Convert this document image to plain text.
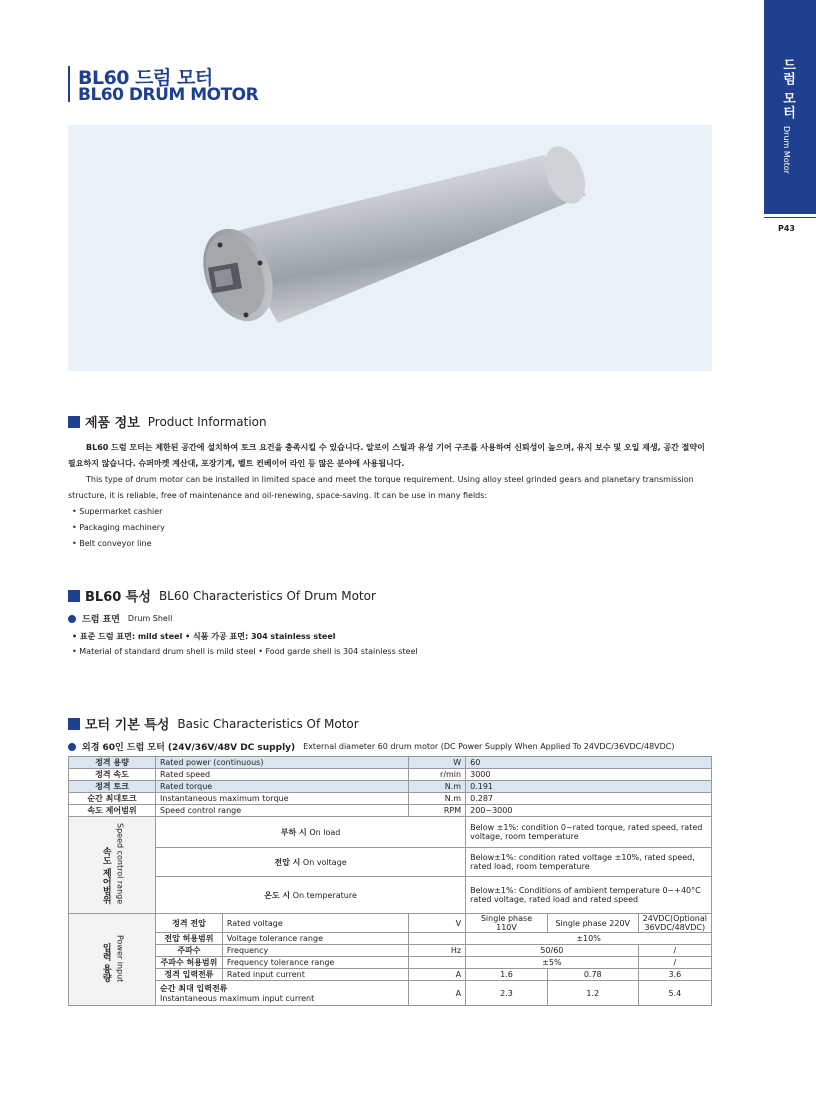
드럼 모터
Drum Motor
P43
BL60 드럼 모터
BL60 DRUM MOTOR
제품 정보 Product Information
BL60 드럼 모터는 제한된 공간에 설치하여 토크 요건을 충족시킬 수 있습니다. 알로이 스틸과 유성 기어 구조를 사용하여 신뢰성이 높으며, 유지 보수 및 오일 재생, 공간 절약이 필요하지 않습니다. 슈퍼마켓 계산대, 포장기계, 벨트 컨베이어 라인 등 많은 분야에 사용됩니다.
This type of drum motor can be installed in limited space and meet the torque requirement. Using alloy steel grinded gears and planetary transmission structure, it is reliable, free of maintenance and oil-renewing, space-saving. It can be use in many fields:
• Supermarket cashier
• Packaging machinery
• Belt conveyor line
BL60 특성 BL60 Characteristics Of Drum Motor
드럼 표면 Drum Shell
• 표준 드럼 표면: mild steel • 식품 가공 표면: 304 stainless steel
• Material of standard drum shell is mild steel • Food garde shell is 304 stainless steel
모터 기본 특성 Basic Characteristics Of Motor
외경 60인 드럼 모터 (24V/36V/48V DC supply) External diameter 60 drum motor (DC Power Supply When Applied To 24VDC/36VDC/48VDC)
정격 용량	Rated power (continuous)		W	60		
정격 속도	Rated speed		r/min	3000		
정격 토크	Rated torque		N.m	0.191		
순간 최대토크	Instantaneous maximum torque		N.m	0.287		
속도 제어범위	Speed control range		RPM	200~3000		
속도 제어범위 Speed control range	부하 시 On load			Below ±1%: condition 0~rated torque, rated speed, rated voltage, room temperature		
	전압 시 On voltage			Below±1%: condition rated voltage ±10%, rated speed, rated load, room temperature		
	온도 시 On temperature			Below±1%: Conditions of ambient temperature 0~+40°C rated voltage, rated load and rated speed		
입력 용량 Power input	정격 전압	Rated voltage	V	Single phase 110V	Single phase 220V	24VDC(Optional 36VDC/48VDC)
	전압 허용범위	Voltage tolerance range		±10%		
	주파수	Frequency	Hz	50/60		/
	주파수 허용범위	Frequency tolerance range		±5%		/
	정격 입력전류	Rated input current	A	1.6	0.78	3.6
	순간 최대 입력전류
Instantaneous maximum input current		A	2.3	1.2	5.4
